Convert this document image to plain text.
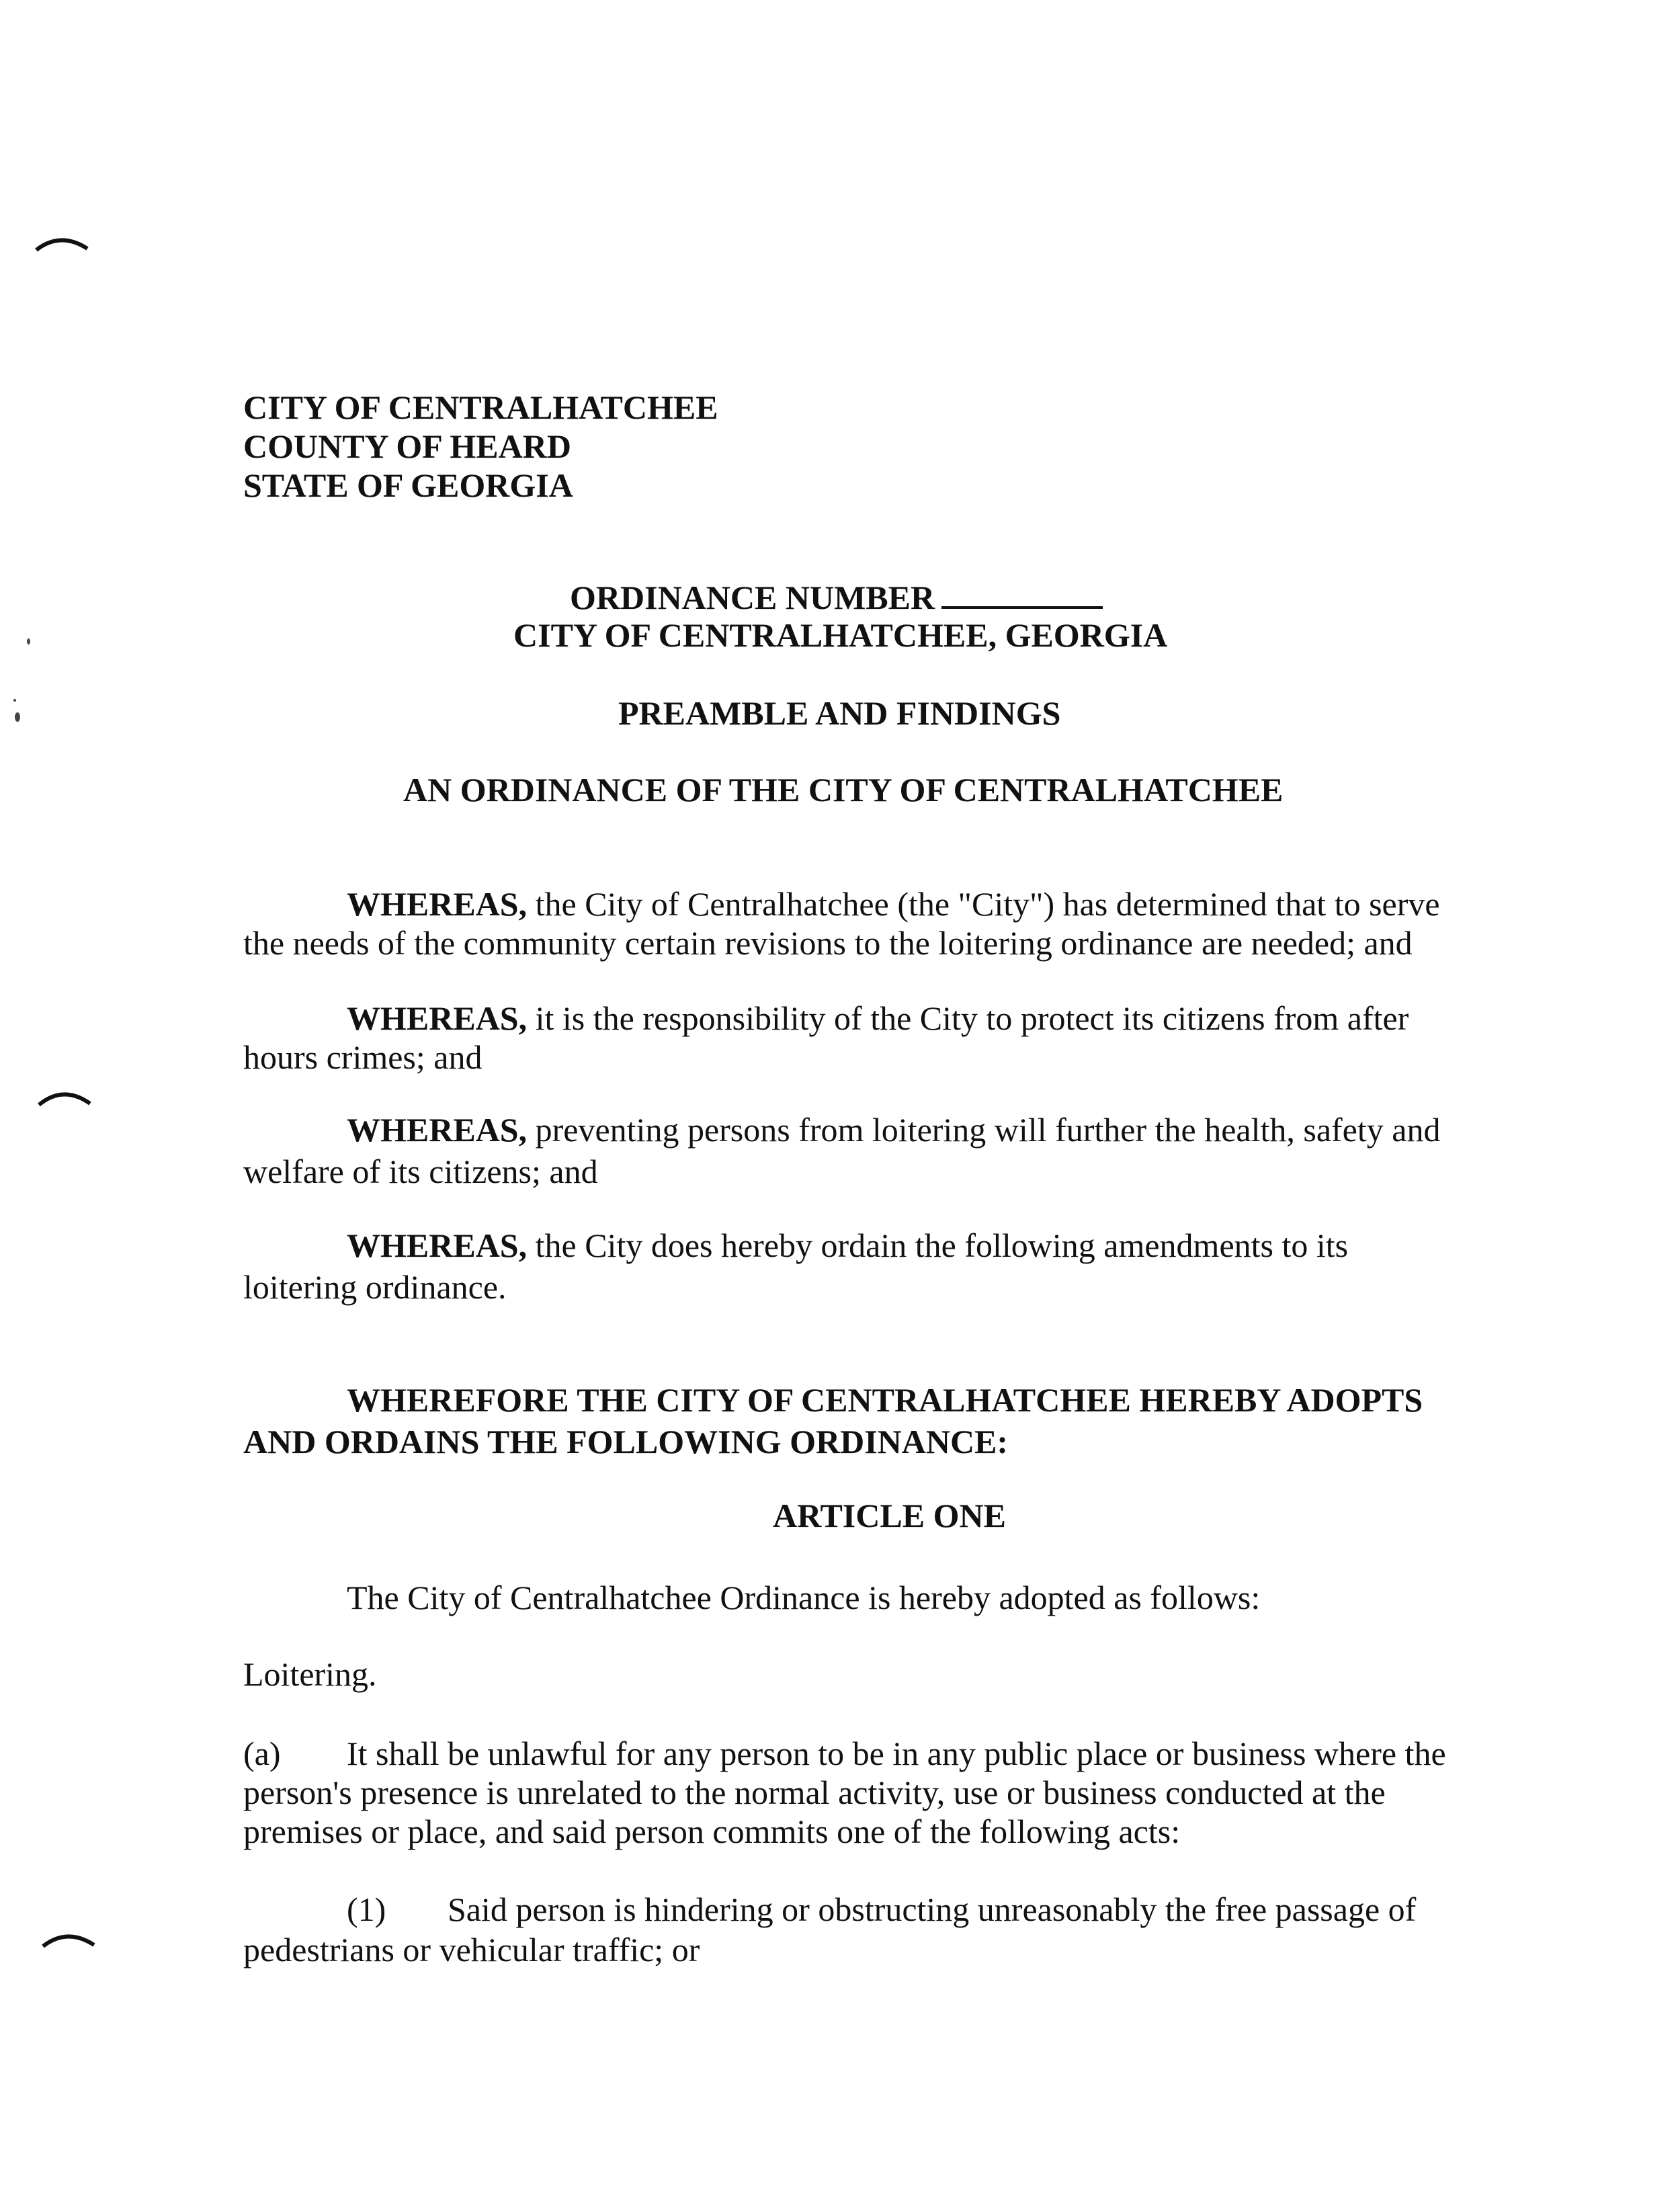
CITY OF CENTRALHATCHEE
COUNTY OF HEARD
STATE OF GEORGIA
ORDINANCE NUMBER
CITY OF CENTRALHATCHEE, GEORGIA
PREAMBLE AND FINDINGS
AN ORDINANCE OF THE CITY OF CENTRALHATCHEE
WHEREAS, the City of Centralhatchee (the "City") has determined that to serve
the needs of the community certain revisions to the loitering ordinance are needed; and
WHEREAS, it is the responsibility of the City to protect its citizens from after
hours crimes; and
WHEREAS, preventing persons from loitering will further the health, safety and
welfare of its citizens; and
WHEREAS, the City does hereby ordain the following amendments to its
loitering ordinance.
WHEREFORE THE CITY OF CENTRALHATCHEE HEREBY ADOPTS
AND ORDAINS THE FOLLOWING ORDINANCE:
ARTICLE ONE
The City of Centralhatchee Ordinance is hereby adopted as follows:
Loitering.
(a) It shall be unlawful for any person to be in any public place or business where the
person's presence is unrelated to the normal activity, use or business conducted at the
premises or place, and said person commits one of the following acts:
(1) Said person is hindering or obstructing unreasonably the free passage of
pedestrians or vehicular traffic; or
